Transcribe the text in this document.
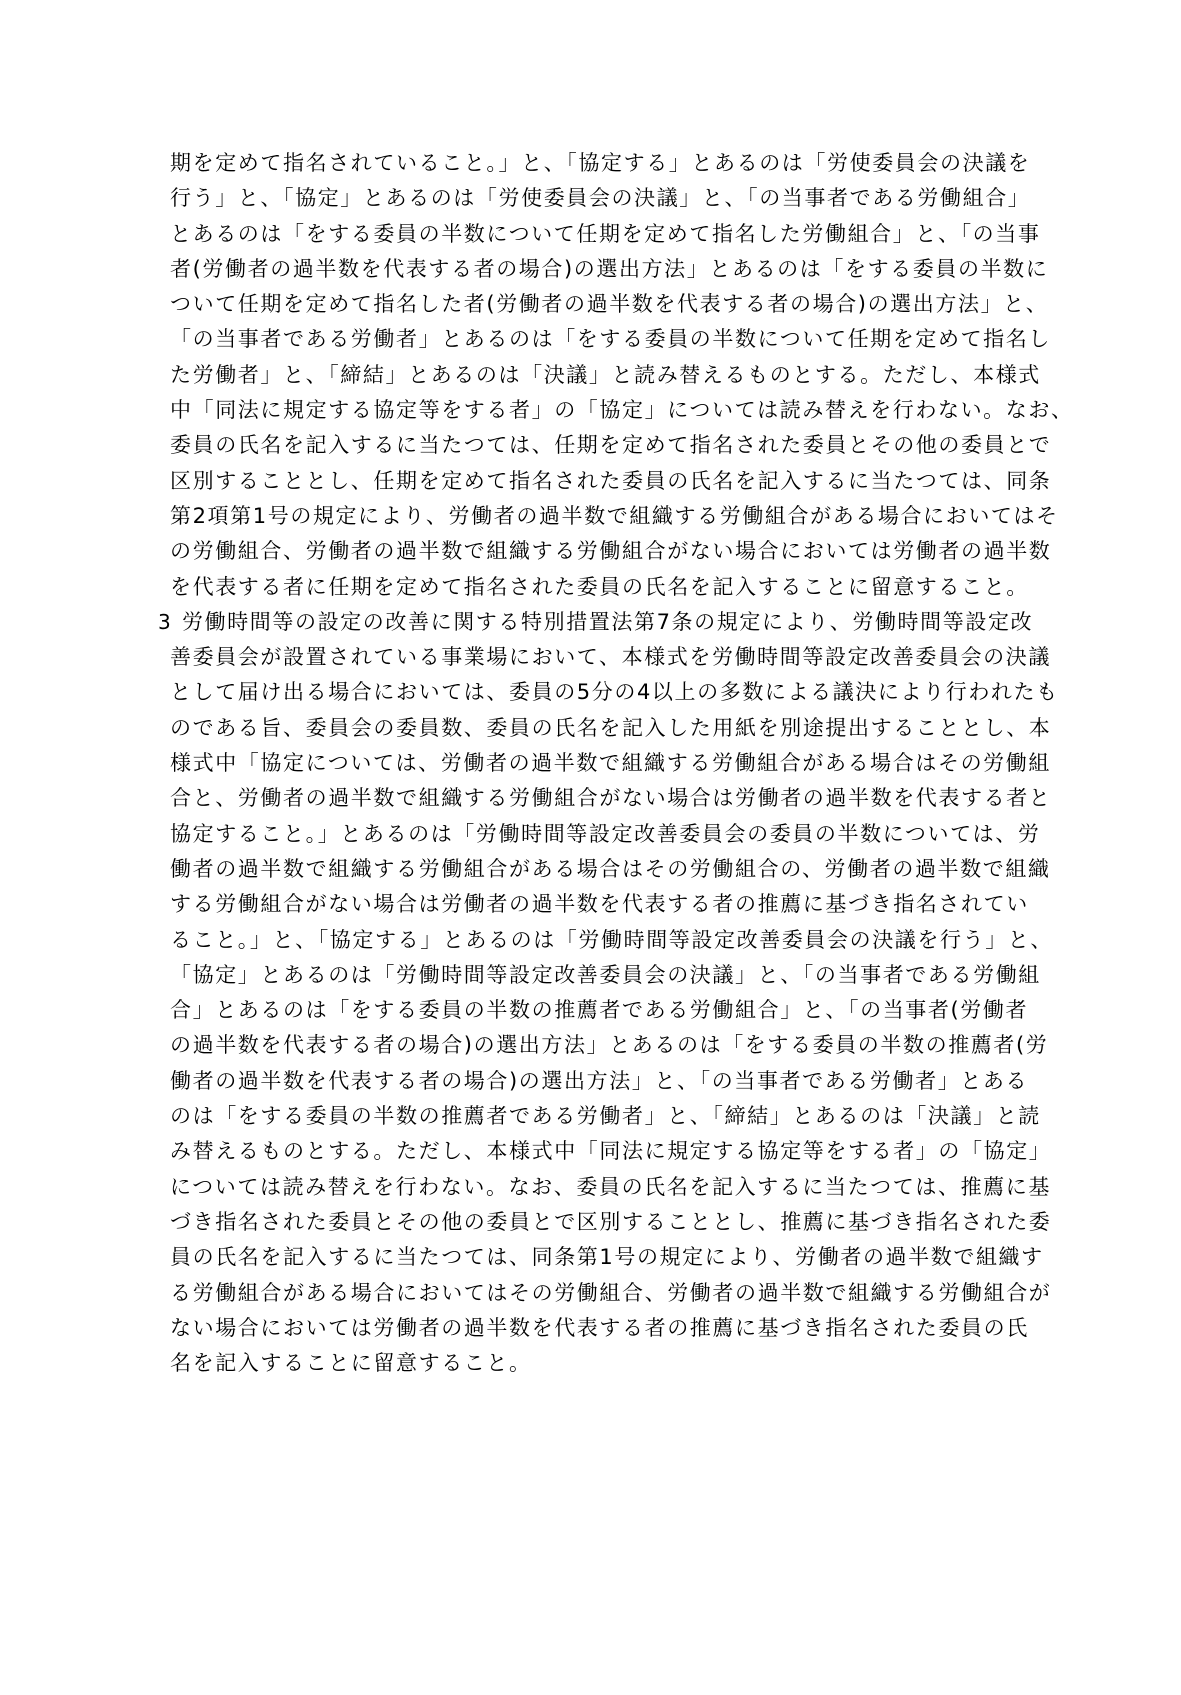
期を定めて指名されていること。」と、「協定する」とあるのは「労使委員会の決議を
行う」と、「協定」とあるのは「労使委員会の決議」と、「の当事者である労働組合」
とあるのは「をする委員の半数について任期を定めて指名した労働組合」と、「の当事
者(労働者の過半数を代表する者の場合)の選出方法」とあるのは「をする委員の半数に
ついて任期を定めて指名した者(労働者の過半数を代表する者の場合)の選出方法」と、
「の当事者である労働者」とあるのは「をする委員の半数について任期を定めて指名し
た労働者」と、「締結」とあるのは「決議」と読み替えるものとする。ただし、本様式
中「同法に規定する協定等をする者」の「協定」については読み替えを行わない。なお、
委員の氏名を記入するに当たつては、任期を定めて指名された委員とその他の委員とで
区別することとし、任期を定めて指名された委員の氏名を記入するに当たつては、同条
第2項第1号の規定により、労働者の過半数で組織する労働組合がある場合においてはそ
の労働組合、労働者の過半数で組織する労働組合がない場合においては労働者の過半数
を代表する者に任期を定めて指名された委員の氏名を記入することに留意すること。
3 労働時間等の設定の改善に関する特別措置法第7条の規定により、労働時間等設定改
善委員会が設置されている事業場において、本様式を労働時間等設定改善委員会の決議
として届け出る場合においては、委員の5分の4以上の多数による議決により行われたも
のである旨、委員会の委員数、委員の氏名を記入した用紙を別途提出することとし、本
様式中「協定については、労働者の過半数で組織する労働組合がある場合はその労働組
合と、労働者の過半数で組織する労働組合がない場合は労働者の過半数を代表する者と
協定すること。」とあるのは「労働時間等設定改善委員会の委員の半数については、労
働者の過半数で組織する労働組合がある場合はその労働組合の、労働者の過半数で組織
する労働組合がない場合は労働者の過半数を代表する者の推薦に基づき指名されてい
ること。」と、「協定する」とあるのは「労働時間等設定改善委員会の決議を行う」と、
「協定」とあるのは「労働時間等設定改善委員会の決議」と、「の当事者である労働組
合」とあるのは「をする委員の半数の推薦者である労働組合」と、「の当事者(労働者
の過半数を代表する者の場合)の選出方法」とあるのは「をする委員の半数の推薦者(労
働者の過半数を代表する者の場合)の選出方法」と、「の当事者である労働者」とある
のは「をする委員の半数の推薦者である労働者」と、「締結」とあるのは「決議」と読
み替えるものとする。ただし、本様式中「同法に規定する協定等をする者」の「協定」
については読み替えを行わない。なお、委員の氏名を記入するに当たつては、推薦に基
づき指名された委員とその他の委員とで区別することとし、推薦に基づき指名された委
員の氏名を記入するに当たつては、同条第1号の規定により、労働者の過半数で組織す
る労働組合がある場合においてはその労働組合、労働者の過半数で組織する労働組合が
ない場合においては労働者の過半数を代表する者の推薦に基づき指名された委員の氏
名を記入することに留意すること。
